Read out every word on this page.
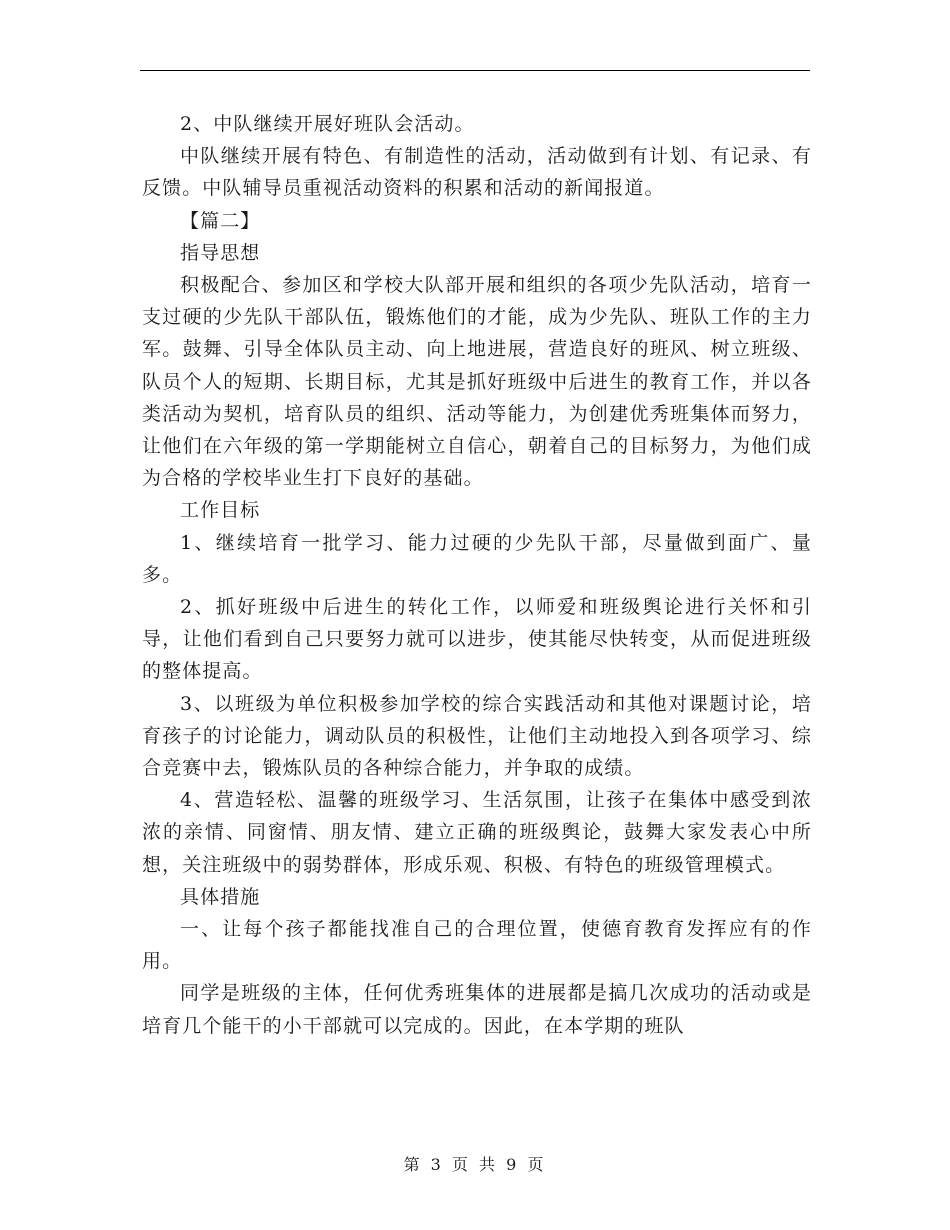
2、中队继续开展好班队会活动。

中队继续开展有特色、有制造性的活动，活动做到有计划、有记录、有反馈。中队辅导员重视活动资料的积累和活动的新闻报道。

【篇二】

指导思想

积极配合、参加区和学校大队部开展和组织的各项少先队活动，培育一支过硬的少先队干部队伍，锻炼他们的才能，成为少先队、班队工作的主力军。鼓舞、引导全体队员主动、向上地进展，营造良好的班风、树立班级、队员个人的短期、长期目标，尤其是抓好班级中后进生的教育工作，并以各类活动为契机，培育队员的组织、活动等能力，为创建优秀班集体而努力，让他们在六年级的第一学期能树立自信心，朝着自己的目标努力，为他们成为合格的学校毕业生打下良好的基础。

工作目标

1、继续培育一批学习、能力过硬的少先队干部，尽量做到面广、量多。

2、抓好班级中后进生的转化工作，以师爱和班级舆论进行关怀和引导，让他们看到自己只要努力就可以进步，使其能尽快转变，从而促进班级的整体提高。

3、以班级为单位积极参加学校的综合实践活动和其他对课题讨论，培育孩子的讨论能力，调动队员的积极性，让他们主动地投入到各项学习、综合竞赛中去，锻炼队员的各种综合能力，并争取的成绩。

4、营造轻松、温馨的班级学习、生活氛围，让孩子在集体中感受到浓浓的亲情、同窗情、朋友情、建立正确的班级舆论，鼓舞大家发表心中所想，关注班级中的弱势群体，形成乐观、积极、有特色的班级管理模式。

具体措施

一、让每个孩子都能找准自己的合理位置，使德育教育发挥应有的作用。

同学是班级的主体，任何优秀班集体的进展都是搞几次成功的活动或是培育几个能干的小干部就可以完成的。因此，在本学期的班队

第 3 页 共 9 页
